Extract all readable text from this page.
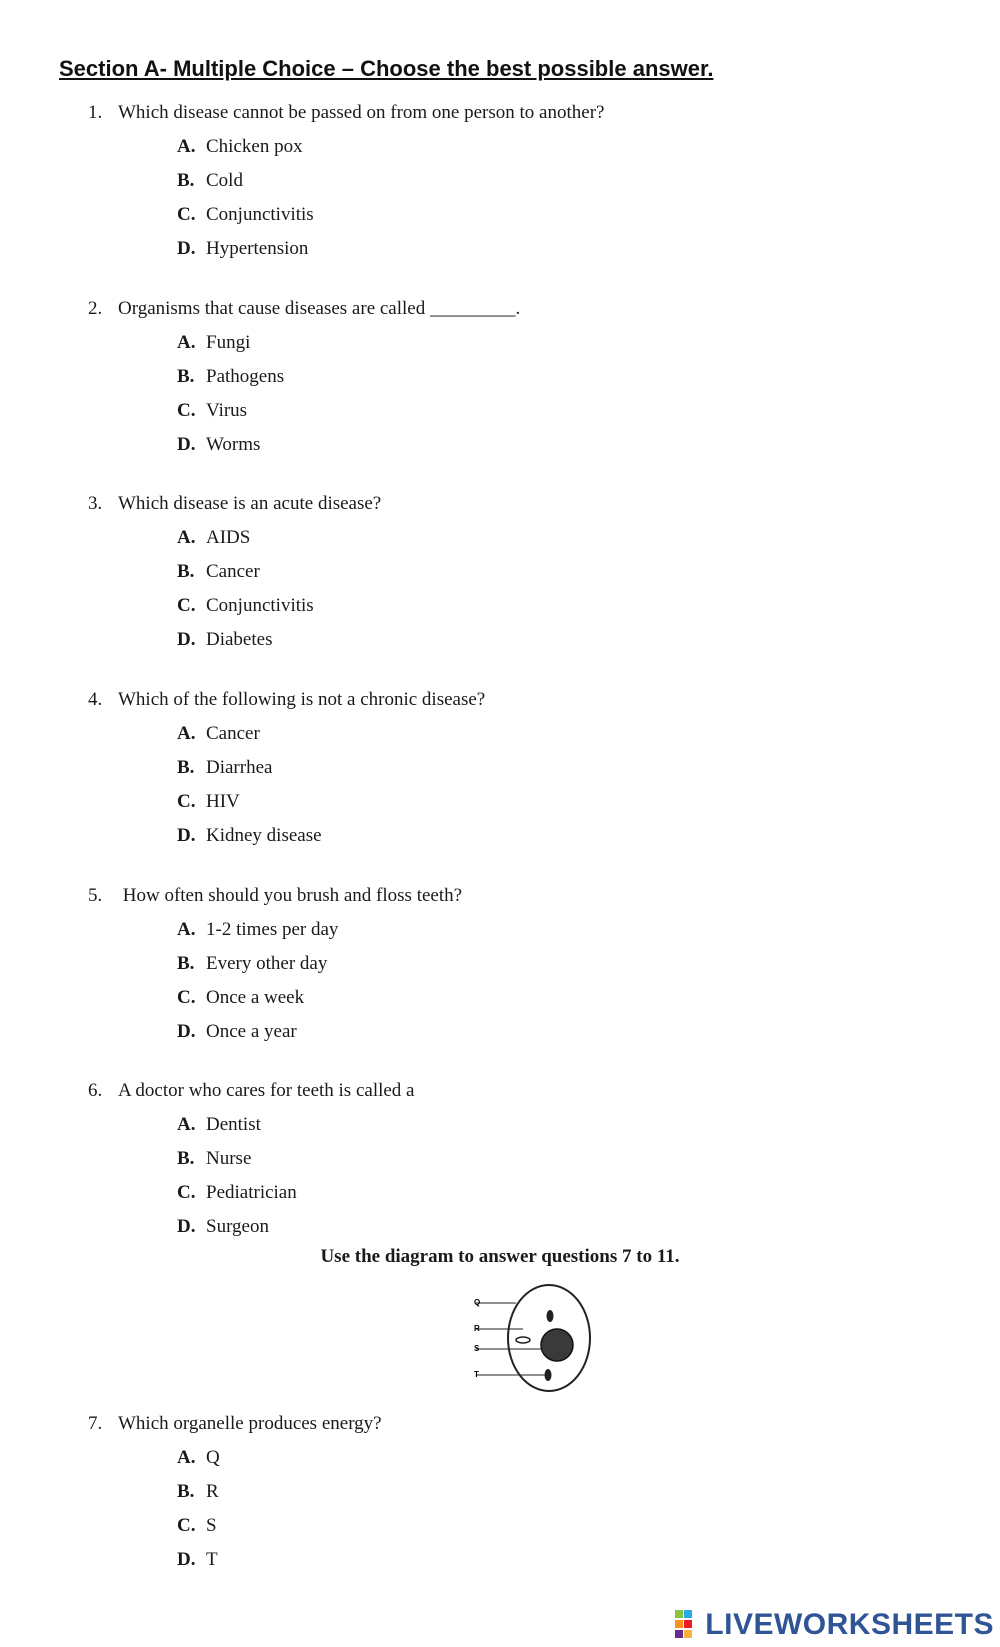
Section A- Multiple Choice – Choose the best possible answer.
1. Which disease cannot be passed on from one person to another?
A. Chicken pox
B. Cold
C. Conjunctivitis
D. Hypertension
2. Organisms that cause diseases are called _________.
A. Fungi
B. Pathogens
C. Virus
D. Worms
3. Which disease is an acute disease?
A. AIDS
B. Cancer
C. Conjunctivitis
D. Diabetes
4. Which of the following is not a chronic disease?
A. Cancer
B. Diarrhea
C. HIV
D. Kidney disease
5. How often should you brush and floss teeth?
A. 1-2 times per day
B. Every other day
C. Once a week
D. Once a year
6. A doctor who cares for teeth is called a
A. Dentist
B. Nurse
C. Pediatrician
D. Surgeon
Use the diagram to answer questions 7 to 11.
Q
R
S
T
7. Which organelle produces energy?
A. Q
B. R
C. S
D. T
LIVEWORKSHEETS
